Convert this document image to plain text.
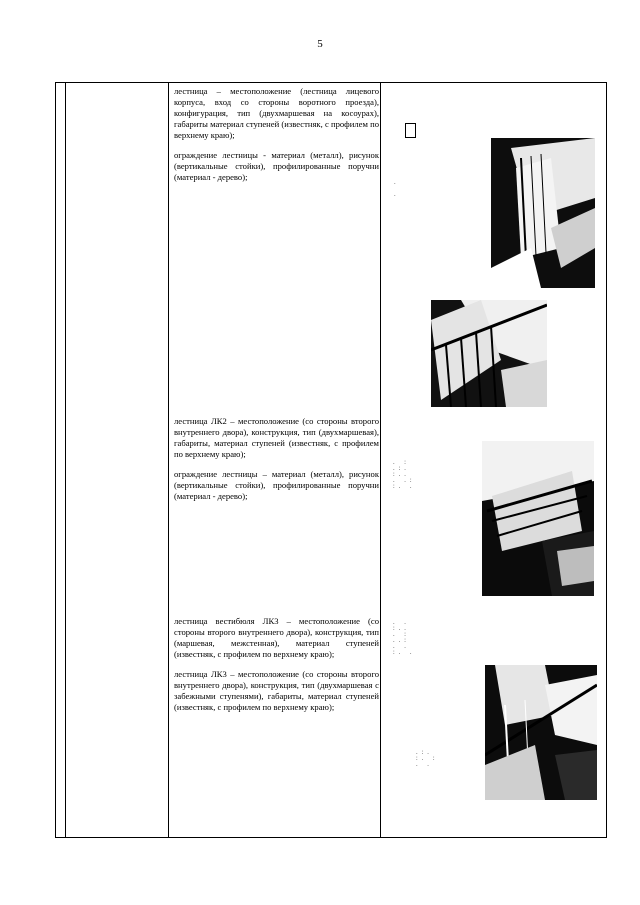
5

лестница – местоположение (лестница лицевого корпуса, вход со стороны воротного проезда), конфигурация, тип (двухмаршевая на косоурах), габариты материал ступеней (известняк, с профилем по верхнему краю);

ограждение лестницы - материал (металл), рисунок (вертикальные стойки), профилированные поручни (материал - дерево);

лестница ЛК2 – местоположение (со стороны второго внутреннего двора), конструкция, тип (двухмаршевая), габариты, материал ступеней (известняк, с профилем по верхнему краю);

ограждение лестницы – материал (металл), рисунок (вертикальные стойки), профилированные поручни (материал - дерево);

лестница вестибюля ЛК3 – местоположение (со стороны второго внутреннего двора), конструкция, тип (маршевая, межстенная), материал ступеней (известняк, с профилем по верхнему краю);

лестница ЛК3 – местоположение (со стороны второго внутреннего двора), конструкция, тип (двухмаршевая с забежными ступенями), габариты, материал ступеней (известняк, с профилем по верхнему краю);

.

.
. :
.:.
:..
. .:
:. .
. .
:..
. :
..:
. .
:. .
.:.
:. :
. .
